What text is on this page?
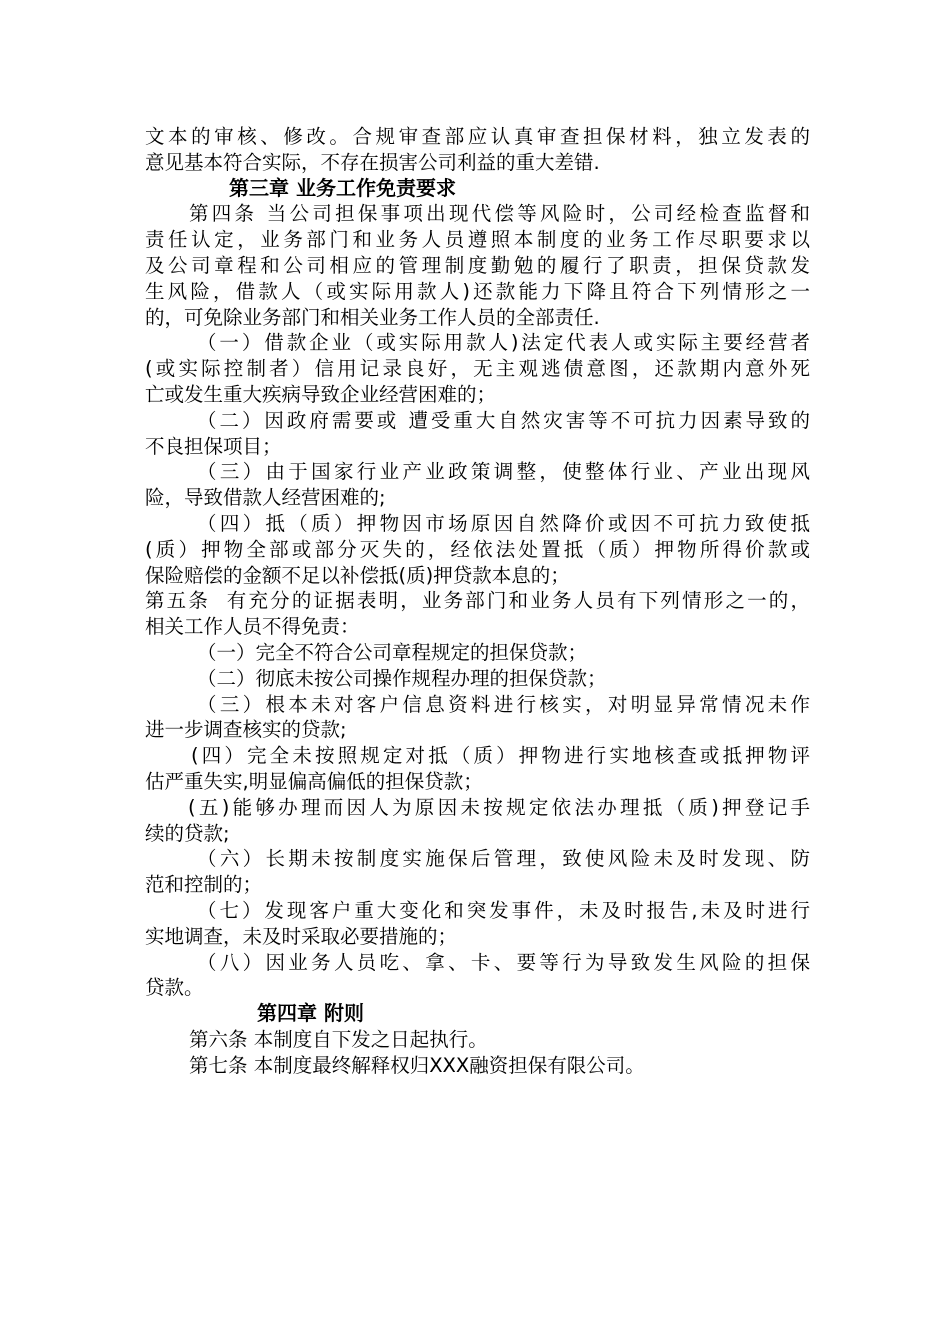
文本的审核、修改。合规审查部应认真审查担保材料，独立发表的
意见基本符合实际，不存在损害公司利益的重大差错.
第三章 业务工作免责要求
第四条 当公司担保事项出现代偿等风险时，公司经检查监督和
责任认定，业务部门和业务人员遵照本制度的业务工作尽职要求以
及公司章程和公司相应的管理制度勤勉的履行了职责，担保贷款发
生风险，借款人（或实际用款人)还款能力下降且符合下列情形之一
的，可免除业务部门和相关业务工作人员的全部责任.
（一）借款企业（或实际用款人)法定代表人或实际主要经营者
(或实际控制者）信用记录良好，无主观逃债意图，还款期内意外死
亡或发生重大疾病导致企业经营困难的；
（二）因政府需要或 遭受重大自然灾害等不可抗力因素导致的
不良担保项目；
（三）由于国家行业产业政策调整，使整体行业、产业出现风
险，导致借款人经营困难的;
（四）抵（质）押物因市场原因自然降价或因不可抗力致使抵
(质）押物全部或部分灭失的，经依法处置抵（质）押物所得价款或
保险赔偿的金额不足以补偿抵(质)押贷款本息的；
第五条  有充分的证据表明，业务部门和业务人员有下列情形之一的，
相关工作人员不得免责：
（一）完全不符合公司章程规定的担保贷款；
（二）彻底未按公司操作规程办理的担保贷款；
（三）根本未对客户信息资料进行核实，对明显异常情况未作
进一步调查核实的贷款;
(四）完全未按照规定对抵（质）押物进行实地核查或抵押物评
估严重失实,明显偏高偏低的担保贷款；
(五)能够办理而因人为原因未按规定依法办理抵（质)押登记手
续的贷款;
（六）长期未按制度实施保后管理，致使风险未及时发现、防
范和控制的；
（七）发现客户重大变化和突发事件，未及时报告,未及时进行
实地调查，未及时采取必要措施的；
（八）因业务人员吃、拿、卡、要等行为导致发生风险的担保
贷款。
第四章 附则
第六条 本制度自下发之日起执行。
第七条 本制度最终解释权归XXX融资担保有限公司。
